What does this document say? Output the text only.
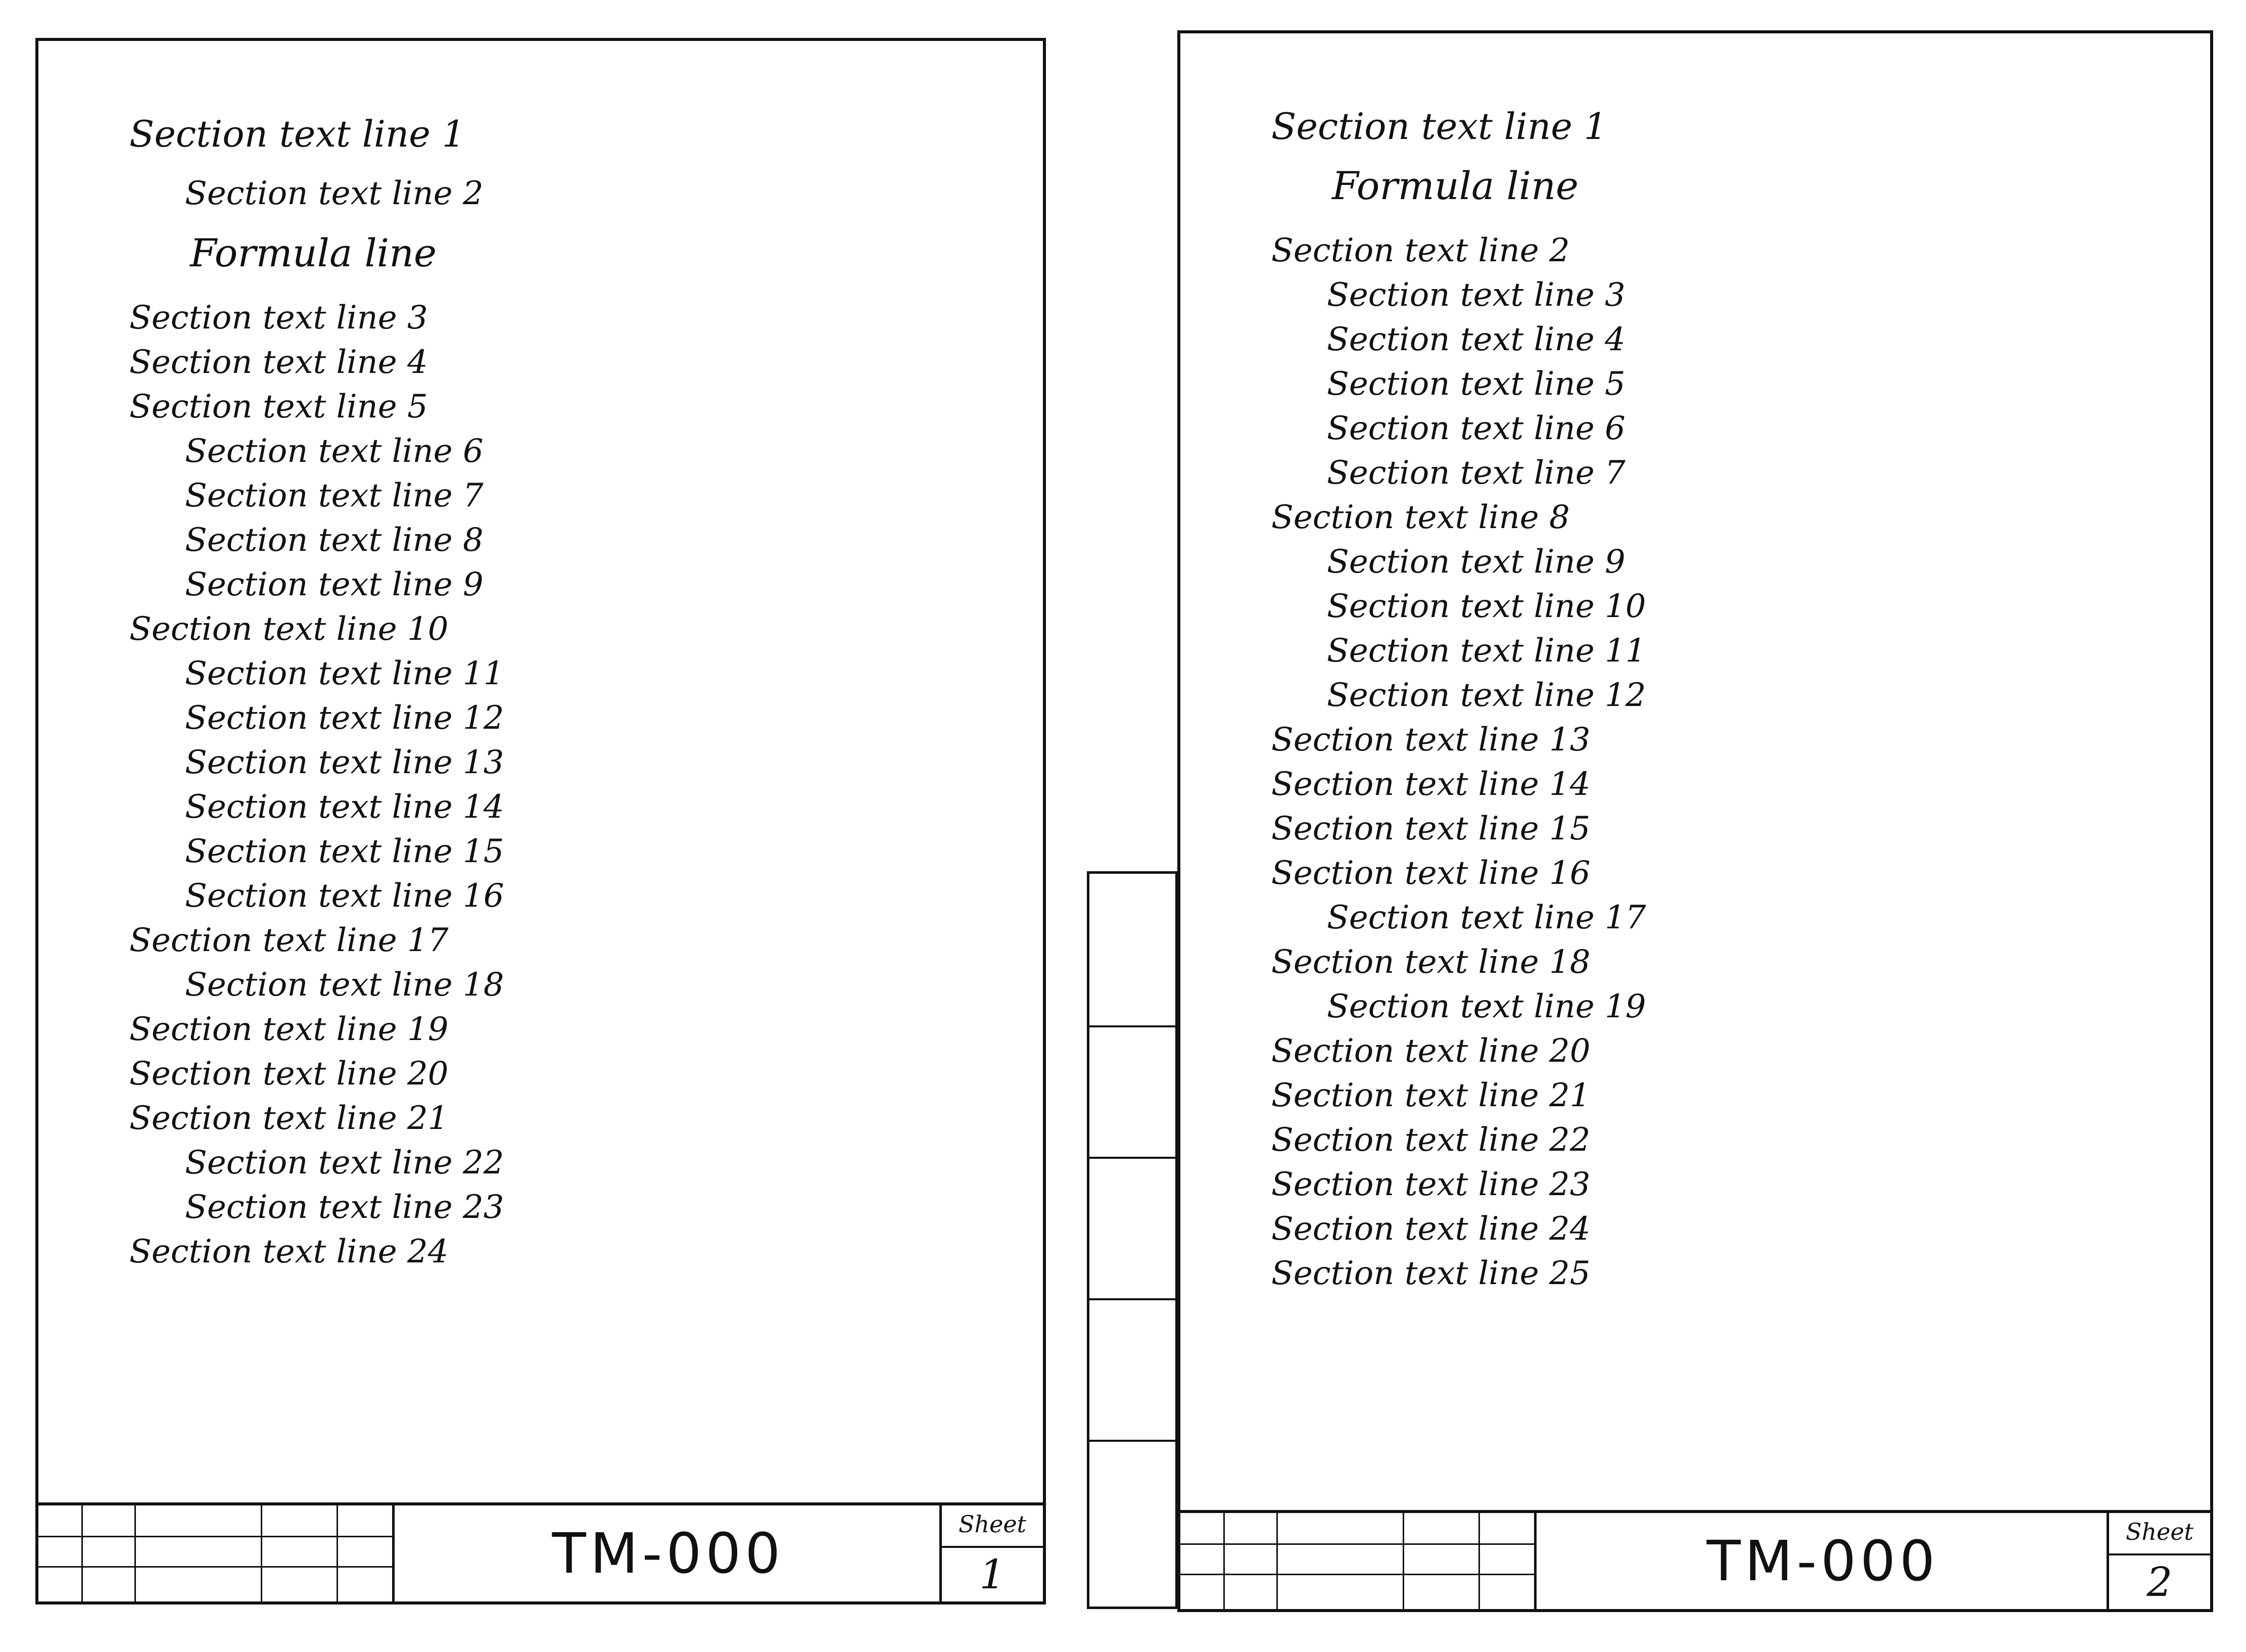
Section text line 1
Section text line 2
Formula line
Section text line 3
Section text line 4
Section text line 5
Section text line 6
Section text line 7
Section text line 8
Section text line 9
Section text line 10
Section text line 11
Section text line 12
Section text line 13
Section text line 14
Section text line 15
Section text line 16
Section text line 17
Section text line 18
Section text line 19
Section text line 20
Section text line 21
Section text line 22
Section text line 23
Section text line 24
TM-000	Sheet
1
Section text line 1
Formula line
Section text line 2
Section text line 3
Section text line 4
Section text line 5
Section text line 6
Section text line 7
Section text line 8
Section text line 9
Section text line 10
Section text line 11
Section text line 12
Section text line 13
Section text line 14
Section text line 15
Section text line 16
Section text line 17
Section text line 18
Section text line 19
Section text line 20
Section text line 21
Section text line 22
Section text line 23
Section text line 24
Section text line 25
TM-000	Sheet
2
